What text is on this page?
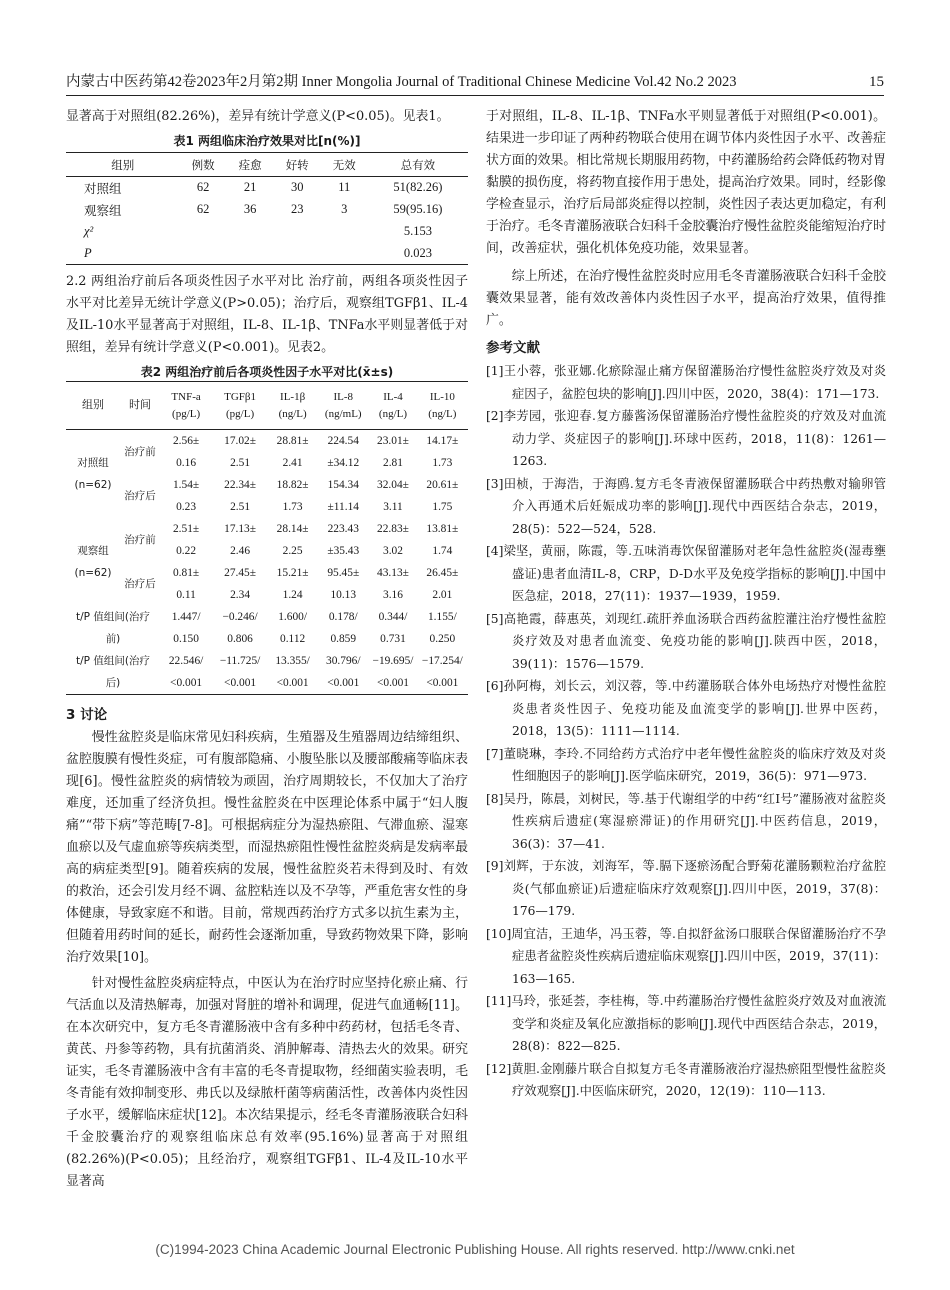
内蒙古中医药第42卷2023年2月第2期 Inner Mongolia Journal of Traditional Chinese Medicine Vol.42 No.2 2023	15

显著高于对照组(82.26%)，差异有统计学意义(P<0.05)。见表1。

表1 两组临床治疗效果对比[n(%)]
组别	例数	痊愈	好转	无效	总有效
对照组	62	21	30	11	51(82.26)
观察组	62	36	23	3	59(95.16)
χ²					5.153
P					0.023

2.2 两组治疗前后各项炎性因子水平对比 治疗前，两组各项炎性因子水平对比差异无统计学意义(P>0.05)；治疗后，观察组TGFβ1、IL-4及IL-10水平显著高于对照组，IL-8、IL-1β、TNFa水平则显著低于对照组，差异有统计学意义(P<0.001)。见表2。

表2 两组治疗前后各项炎性因子水平对比(x̄±s)
组别	时间	TNF-a (pg/L)	TGFβ1 (pg/L)	IL-1β (ng/L)	IL-8 (ng/mL)	IL-4 (ng/L)	IL-10 (ng/L)
对照组 (n=62)	治疗前	2.56±	17.02±	28.81±	224.54	23.01±	14.17±
		0.16	2.51	2.41	±34.12	2.81	1.73
	治疗后	1.54±	22.34±	18.82±	154.34	32.04±	20.61±
		0.23	2.51	1.73	±11.14	3.11	1.75
观察组 (n=62)	治疗前	2.51±	17.13±	28.14±	223.43	22.83±	13.81±
		0.22	2.46	2.25	±35.43	3.02	1.74
	治疗后	0.81±	27.45±	15.21±	95.45±	43.13±	26.45±
		0.11	2.34	1.24	10.13	3.16	2.01
t/P 值组间(治疗		1.447/	−0.246/	1.600/	0.178/	0.344/	1.155/
前)		0.150	0.806	0.112	0.859	0.731	0.250
t/P 值组间(治疗		22.546/	−11.725/	13.355/	30.796/	−19.695/	−17.254/
后)		<0.001	<0.001	<0.001	<0.001	<0.001	<0.001
3 讨论

慢性盆腔炎是临床常见妇科疾病，生殖器及生殖器周边结缔组织、盆腔腹膜有慢性炎症，可有腹部隐痛、小腹坠胀以及腰部酸痛等临床表现[6]。慢性盆腔炎的病情较为顽固，治疗周期较长，不仅加大了治疗难度，还加重了经济负担。慢性盆腔炎在中医理论体系中属于“妇人腹痛”“带下病”等范畴[7-8]。可根据病症分为湿热瘀阻、气滞血瘀、湿寒血瘀以及气虚血瘀等疾病类型，而湿热瘀阻性慢性盆腔炎病是发病率最高的病症类型[9]。随着疾病的发展，慢性盆腔炎若未得到及时、有效的救治，还会引发月经不调、盆腔粘连以及不孕等，严重危害女性的身体健康，导致家庭不和谐。目前，常规西药治疗方式多以抗生素为主，但随着用药时间的延长，耐药性会逐渐加重，导致药物效果下降，影响治疗效果[10]。

针对慢性盆腔炎病症特点，中医认为在治疗时应坚持化瘀止痛、行气活血以及清热解毒，加强对肾脏的增补和调理，促进气血通畅[11]。在本次研究中，复方毛冬青灌肠液中含有多种中药药材，包括毛冬青、黄芪、丹参等药物，具有抗菌消炎、消肿解毒、清热去火的效果。研究证实，毛冬青灌肠液中含有丰富的毛冬青提取物，经细菌实验表明，毛冬青能有效抑制变形、弗氏以及绿脓杆菌等病菌活性，改善体内炎性因子水平，缓解临床症状[12]。本次结果提示，经毛冬青灌肠液联合妇科千金胶囊治疗的观察组临床总有效率(95.16%)显著高于对照组(82.26%)(P<0.05)；且经治疗，观察组TGFβ1、IL-4及IL-10水平显著高

于对照组，IL-8、IL-1β、TNFa水平则显著低于对照组(P<0.001)。结果进一步印证了两种药物联合使用在调节体内炎性因子水平、改善症状方面的效果。相比常规长期服用药物，中药灌肠给药会降低药物对胃黏膜的损伤度，将药物直接作用于患处，提高治疗效果。同时，经影像学检查显示，治疗后局部炎症得以控制，炎性因子表达更加稳定，有利于治疗。毛冬青灌肠液联合妇科千金胶囊治疗慢性盆腔炎能缩短治疗时间，改善症状，强化机体免疫功能，效果显著。

综上所述，在治疗慢性盆腔炎时应用毛冬青灌肠液联合妇科千金胶囊效果显著，能有效改善体内炎性因子水平，提高治疗效果，值得推广。

参考文献

[1]王小蓉，张亚娜.化瘀除湿止痛方保留灌肠治疗慢性盆腔炎疗效及对炎症因子，盆腔包块的影响[J].四川中医，2020，38(4)：171—173.

[2]李芳园，张迎春.复方藤酱汤保留灌肠治疗慢性盆腔炎的疗效及对血流动力学、炎症因子的影响[J].环球中医药，2018，11(8)：1261—1263.

[3]田桢，于海浩，于海鸥.复方毛冬青液保留灌肠联合中药热敷对输卵管介入再通术后妊娠成功率的影响[J].现代中西医结合杂志，2019，28(5)：522—524，528.

[4]梁坚，黄丽，陈霞，等.五味消毒饮保留灌肠对老年急性盆腔炎(湿毒壅盛证)患者血清IL-8，CRP，D-D水平及免疫学指标的影响[J].中国中医急症，2018，27(11)：1937—1939，1959.

[5]高艳霞，薛惠英，刘现红.疏肝养血汤联合西药盆腔灌注治疗慢性盆腔炎疗效及对患者血流变、免疫功能的影响[J].陕西中医，2018，39(11)：1576—1579.

[6]孙阿梅，刘长云，刘汉蓉，等.中药灌肠联合体外电场热疗对慢性盆腔炎患者炎性因子、免疫功能及血流变学的影响[J].世界中医药，2018，13(5)：1111—1114.

[7]董晓琳，李玲.不同给药方式治疗中老年慢性盆腔炎的临床疗效及对炎性细胞因子的影响[J].医学临床研究，2019，36(5)：971—973.

[8]吴丹，陈晨，刘树民，等.基于代谢组学的中药“红Ⅰ号”灌肠液对盆腔炎性疾病后遗症(寒湿瘀滞证)的作用研究[J].中医药信息，2019，36(3)：37—41.

[9]刘辉，于东波，刘海军，等.膈下逐瘀汤配合野菊花灌肠颗粒治疗盆腔炎(气郁血瘀证)后遗症临床疗效观察[J].四川中医，2019，37(8)：176—179.

[10]周宜洁，王迪华，冯玉蓉，等.自拟舒盆汤口服联合保留灌肠治疗不孕症患者盆腔炎性疾病后遗症临床观察[J].四川中医，2019，37(11)：163—165.

[11]马玲，张延荟，李桂梅，等.中药灌肠治疗慢性盆腔炎疗效及对血液流变学和炎症及氧化应激指标的影响[J].现代中西医结合杂志，2019，28(8)：822—825.

[12]黄胆.金刚藤片联合自拟复方毛冬青灌肠液治疗湿热瘀阻型慢性盆腔炎疗效观察[J].中医临床研究，2020，12(19)：110—113.

(C)1994-2023 China Academic Journal Electronic Publishing House. All rights reserved. http://www.cnki.net
